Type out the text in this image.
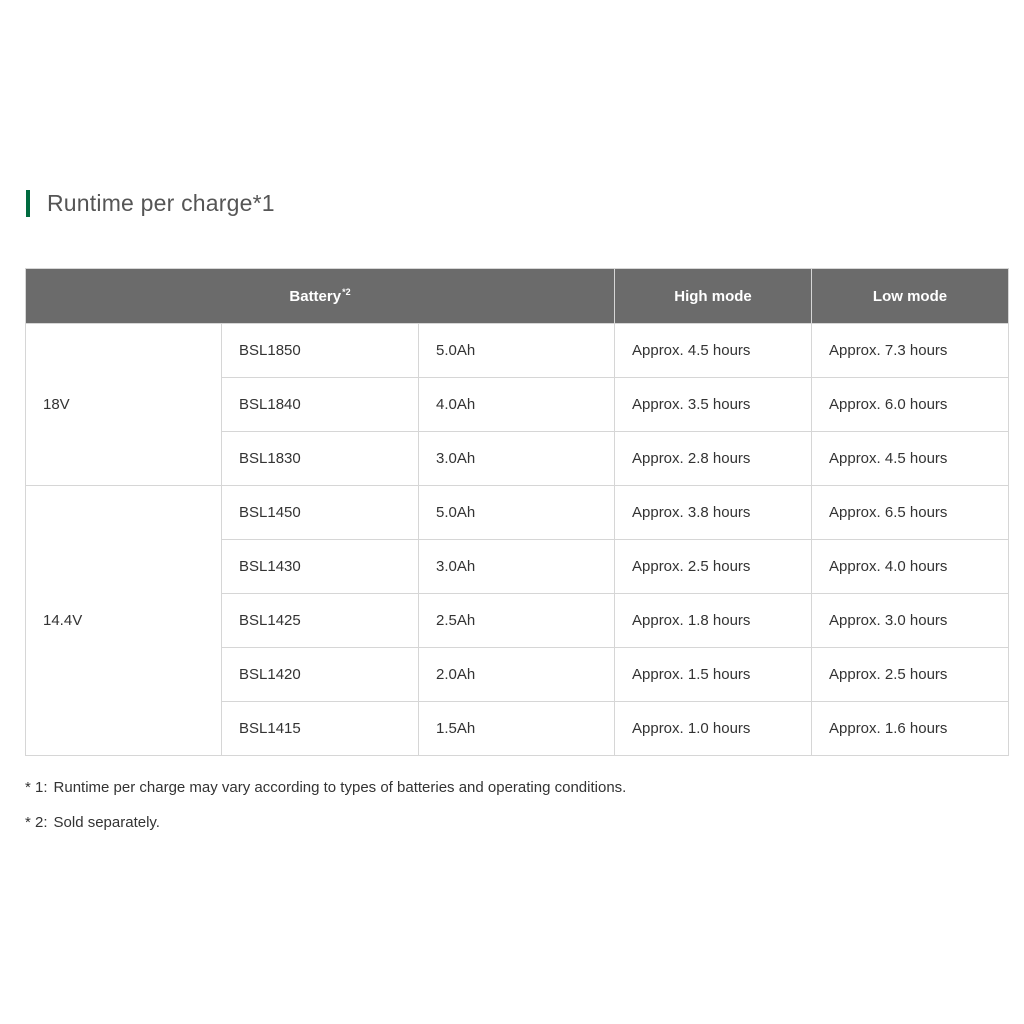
Runtime per charge*1
Battery$^{*2}$			High mode	Low mode
18V	BSL1850	5.0Ah	Approx. 4.5 hours	Approx. 7.3 hours
	BSL1840	4.0Ah	Approx. 3.5 hours	Approx. 6.0 hours
	BSL1830	3.0Ah	Approx. 2.8 hours	Approx. 4.5 hours
14.4V	BSL1450	5.0Ah	Approx. 3.8 hours	Approx. 6.5 hours
	BSL1430	3.0Ah	Approx. 2.5 hours	Approx. 4.0 hours
	BSL1425	2.5Ah	Approx. 1.8 hours	Approx. 3.0 hours
	BSL1420	2.0Ah	Approx. 1.5 hours	Approx. 2.5 hours
	BSL1415	1.5Ah	Approx. 1.0 hours	Approx. 1.6 hours
* 1: Runtime per charge may vary according to types of batteries and operating conditions.
* 2: Sold separately.
